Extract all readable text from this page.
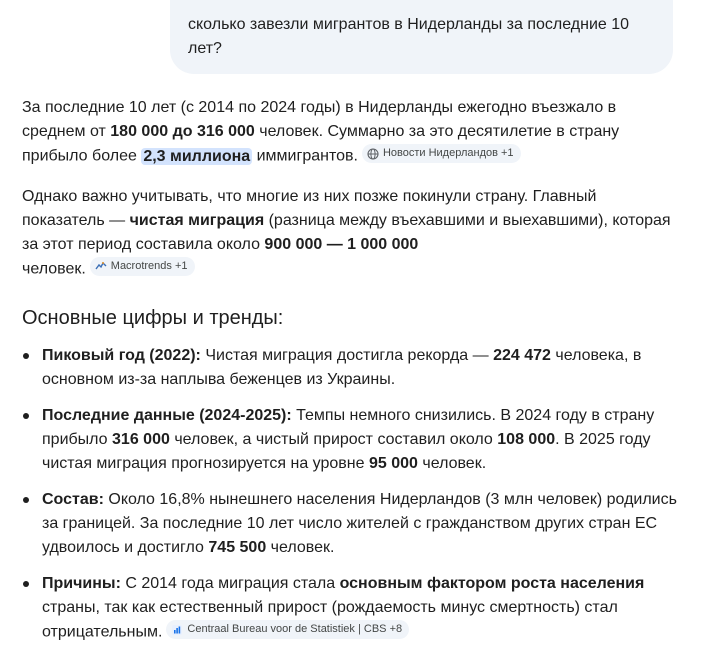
сколько завезли мигрантов в Нидерланды за последние 10 лет?

За последние 10 лет (с 2014 по 2024 годы) в Нидерланды ежегодно въезжало в среднем от 180 000 до 316 000 человек. Суммарно за это десятилетие в страну прибыло более 2,3 миллиона иммигрантов. Новости Нидерландов +1

Однако важно учитывать, что многие из них позже покинули страну. Главный показатель — чистая миграция (разница между въехавшими и выехавшими), которая за этот период составила около 900 000 — 1 000 000
человек. Macrotrends +1

Основные цифры и тренды:
Пиковый год (2022): Чистая миграция достигла рекорда — 224 472 человека, в основном из-за наплыва беженцев из Украины.
Последние данные (2024-2025): Темпы немного снизились. В 2024 году в страну прибыло 316 000 человек, а чистый прирост составил около 108 000. В 2025 году чистая миграция прогнозируется на уровне 95 000 человек.
Состав: Около 16,8% нынешнего населения Нидерландов (3 млн человек) родились за границей. За последние 10 лет число жителей с гражданством других стран ЕС удвоилось и достигло 745 500 человек.
Причины: С 2014 года миграция стала основным фактором роста населения страны, так как естественный прирост (рождаемость минус смертность) стал отрицательным. Centraal Bureau voor de Statistiek | CBS +8
